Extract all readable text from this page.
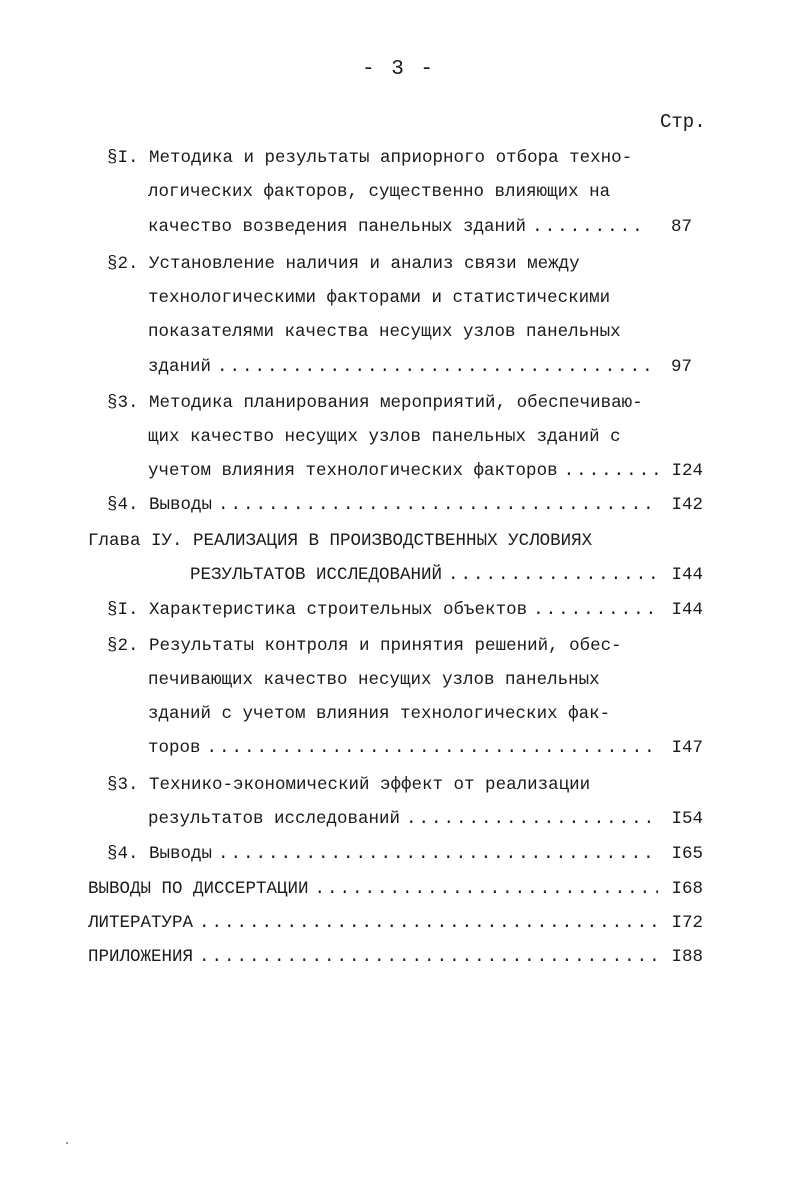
- 3 -
Стр.
§I. Методика и результаты априорного отбора техно-
логических факторов, существенно влияющих на
качество возведения панельных зданий .....	87
§2. Установление наличия и анализ связи между
технологическими факторами и статистическими
показателями качества несущих узлов панельных
зданий .....	97
§3. Методика планирования мероприятий, обеспечиваю-
щих качество несущих узлов панельных зданий с
учетом влияния технологических факторов .....	I24
§4. Выводы .....	I42
Глава IУ. РЕАЛИЗАЦИЯ В ПРОИЗВОДСТВЕННЫХ УСЛОВИЯХ
РЕЗУЛЬТАТОВ ИССЛЕДОВАНИЙ .....	I44
§I. Характеристика строительных объектов .....	I44
§2. Результаты контроля и принятия решений, обес-
печивающих качество несущих узлов панельных
зданий с учетом влияния технологических фак-
торов .....	I47
§3. Технико-экономический эффект от реализации
результатов исследований .....	I54
§4. Выводы .....	I65
ВЫВОДЫ ПО ДИССЕРТАЦИИ .....	I68
ЛИТЕРАТУРА .....	I72
ПРИЛОЖЕНИЯ .....	I88
